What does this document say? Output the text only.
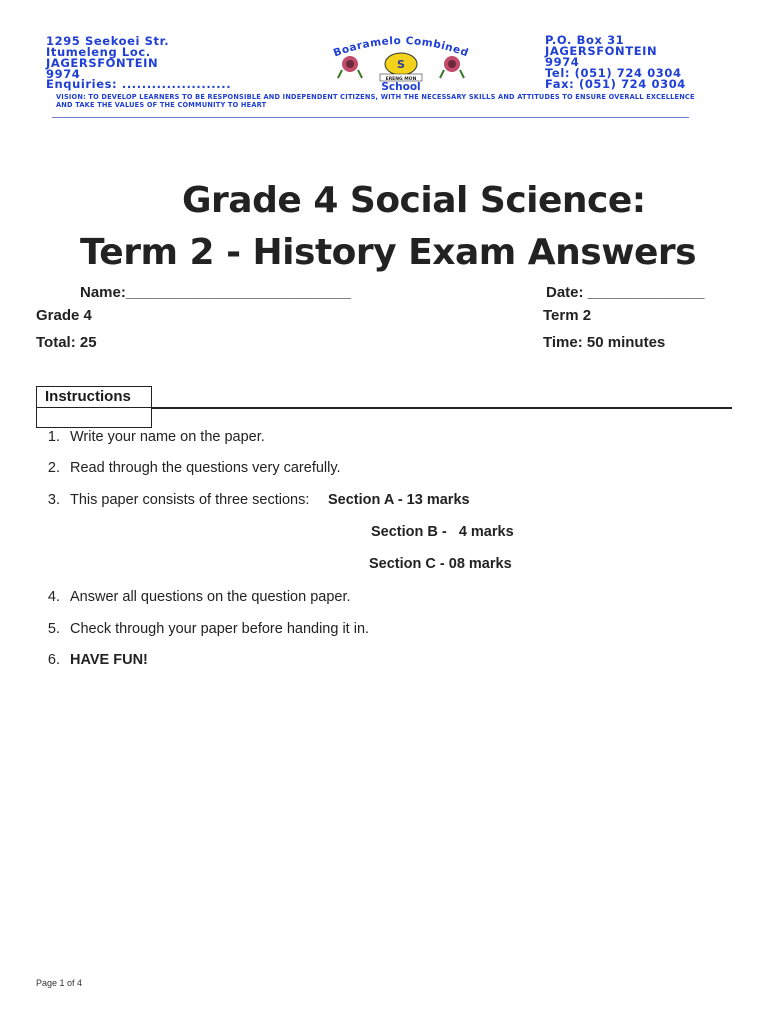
1295 Seekoei Str.
Itumeleng Loc.
JAGERSFONTEIN
9974
Enquiries: ......................
Boaramelo Combined
S
ERENG MON
School
P.O. Box 31
JAGERSFONTEIN
9974
Tel: (051) 724 0304
Fax: (051) 724 0304
VISION: TO DEVELOP LEARNERS TO BE RESPONSIBLE AND INDEPENDENT CITIZENS, WITH THE NECESSARY SKILLS AND ATTITUDES TO ENSURE OVERALL EXCELLENCE AND TAKE THE VALUES OF THE COMMUNITY TO HEART
Grade 4 Social Science:
Term 2 - History Exam Answers
Name:___________________________	Date: ______________
Grade 4	Term 2
Total: 25	Time: 50 minutes
Instructions
1. Write your name on the paper.
2. Read through the questions very carefully.
3. This paper consists of three sections: Section A - 13 marks
Section B -   4 marks
Section C - 08 marks
4. Answer all questions on the question paper.
5. Check through your paper before handing it in.
6. HAVE FUN!
Page 1 of 4
